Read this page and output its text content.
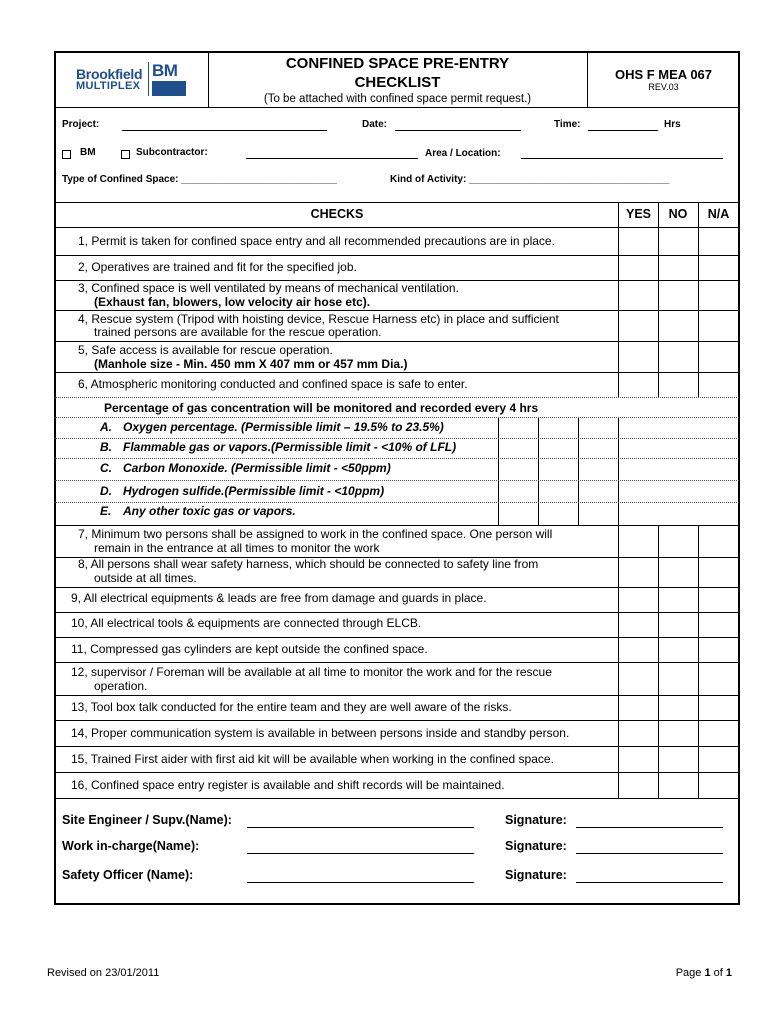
Brookfield
MULTIPLEX
BM	CONFINED SPACE PRE-ENTRY
CHECKLIST
(To be attached with confined space permit request.)
OHS F MEA 067
REV.03
Project:	Date:	Time:	Hrs
BM	Subcontractor:	Area / Location:
Type of Confined Space: ____________________________	Kind of Activity: ____________________________________
CHECKS	YES	NO	N/A
1, Permit is taken for confined space entry and all recommended precautions are in place.
2, Operatives are trained and fit for the specified job.
3, Confined space is well ventilated by means of mechanical ventilation.
(Exhaust fan, blowers, low velocity air hose etc).
4, Rescue system (Tripod with hoisting device, Rescue Harness etc) in place and sufficient
trained persons are available for the rescue operation.
5, Safe access is available for rescue operation.
(Manhole size - Min. 450 mm X 407 mm or 457 mm Dia.)
6, Atmospheric monitoring conducted and confined space is safe to enter.
Percentage of gas concentration will be monitored and recorded every 4 hrs
A. Oxygen percentage. (Permissible limit – 19.5% to 23.5%)
B. Flammable gas or vapors.(Permissible limit - <10% of LFL)
C. Carbon Monoxide. (Permissible limit - <50ppm)
D. Hydrogen sulfide.(Permissible limit - <10ppm)
E. Any other toxic gas or vapors.
7, Minimum two persons shall be assigned to work in the confined space. One person will
remain in the entrance at all times to monitor the work
8, All persons shall wear safety harness, which should be connected to safety line from
outside at all times.
9, All electrical equipments & leads are free from damage and guards in place.
10, All electrical tools & equipments are connected through ELCB.
11, Compressed gas cylinders are kept outside the confined space.
12, supervisor / Foreman will be available at all time to monitor the work and for the rescue
operation.
13, Tool box talk conducted for the entire team and they are well aware of the risks.
14, Proper communication system is available in between persons inside and standby person.
15, Trained First aider with first aid kit will be available when working in the confined space.
16, Confined space entry register is available and shift records will be maintained.
Site Engineer / Supv.(Name):	Signature:
Work in-charge(Name):	Signature:
Safety Officer (Name):	Signature:
Revised on 23/01/2011	Page 1 of 1
